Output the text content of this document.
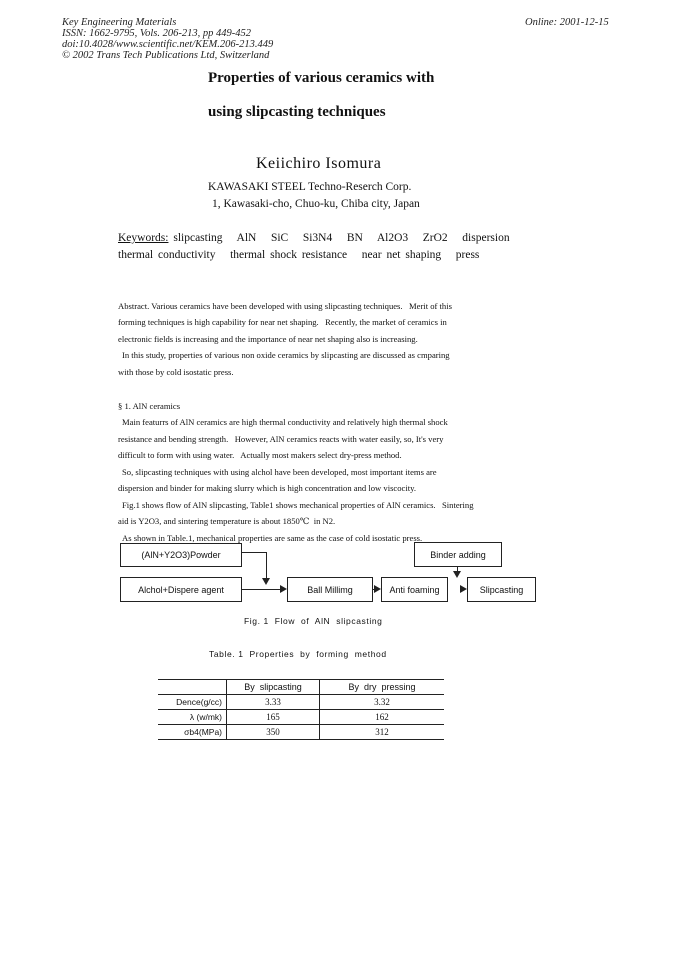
Key Engineering Materials
ISSN: 1662-9795, Vols. 206-213, pp 449-452
doi:10.4028/www.scientific.net/KEM.206-213.449
© 2002 Trans Tech Publications Ltd, Switzerland
Online: 2001-12-15
Properties of various ceramics with
using slipcasting techniques
Keiichiro Isomura
KAWASAKI STEEL Techno-Reserch Corp.
1, Kawasaki-cho, Chuo-ku, Chiba city, Japan
Keywords: slipcasting   AlN   SiC   Si3N4   BN   Al2O3   ZrO2   dispersion
thermal conductivity   thermal shock resistance   near net shaping   press

Abstract. Various ceramics have been developed with using slipcasting techniques.   Merit of this

forming techniques is high capability for near net shaping.   Recently, the market of ceramics in

electronic fields is increasing and the importance of near net shaping also is increasing.

In this study, properties of various non oxide ceramics by slipcasting are discussed as cmparing

with those by cold isostatic press.

§ 1. AlN ceramics

Main featurrs of AlN ceramics are high thermal conductivity and relatively high thermal shock

resistance and bending strength.   However, AlN ceramics reacts with water easily, so, It's very

difficult to form with using water.   Actually most makers select dry-press method.

So, slipcasting techniques with using alchol have been developed, most important items are

dispersion and binder for making slurry which is high concentration and low viscocity.

Fig.1 shows flow of AlN slipcasting, Table1 shows mechanical properties of AlN ceramics.   Sintering

aid is Y2O3, and sintering temperature is about 1850℃  in N2.

As shown in Table.1, mechanical properties are same as the case of cold isostatic press.

(AlN+Y2O3)Powder
Alchol+Dispere agent	Ball Millimg	Anti foaming
Binder adding
Slipcasting
Fig. 1  Flow  of  AlN  slipcasting
Table. 1  Properties  by  forming  method
	By  slipcasting	By  dry  pressing
Dence(g/cc)	3.33	3.32
λ (w/mk)	165	162
σb4(MPa)	350	312
